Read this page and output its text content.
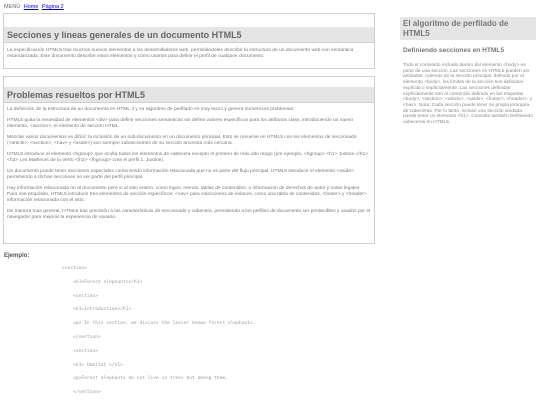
MENÚ Home Página 2
Secciones y líneas generales de un documento HTML5

La especificación HTML5 trae muchos nuevos elementos a los desarrolladores web, permitiéndoles describir la estructura de un documento web con semántica estandarizada. Este documento describe estos elementos y cómo usarlos para definir el perfil de cualquier documento.

Problemas resueltos por HTML5

La definición de la estructura de un documento en HTML 4 y su algoritmo de perfilado es muy tosco y genera numerosos problemas:

HTML5 quita la necesidad de elementos <div> para definir secciones semánticas sin definir valores específicos para los atributos class, introduciendo un nuevo elemento, <section>, el elemento de sección HTML.

Mezclar varios documentos es difícil: la inclusión de un sub-documento en un documento principal. Esto se resuelve en HTML5 con los elementos de seccionado (<article>, <section>, <nav> y <aside>) son siempre subsecciones de su sección ancestra más cercana.

HTML5 introduce el elemento <hgroup> que oculta todos los elementos de cabecera excepto el primero de más alto rango (por ejemplo, <hgroup> <h1> Justine </h1> <h2> Les Malheurs de la Vertu </h2> </hgroup> crea el perfil 1. Justine).

Un documento puede tener secciones especiales conteniendo información relacionada que no es parte del flujo principal. HTML5 introduce el elemento <aside> permitiendo a dichas secciones no ser parte del perfil principal.

Hay información relacionada no al documento pero si al sitio entero, como logos, menús, tablas de contenidos, o información de derechos de autor y notas legales. Para ese propósito, HTML5 introduce tres elementos de sección específicos: <nav> para colecciones de enlaces, como una tabla de contenidos, <footer> y <header> información relacionada con el sitio.

De manera más general, HTML5 trae precisión a las características de seccionado y cabecera, permitiendo a los perfiles de documento ser predecibles y usados por el navegador para mejorar la experiencia de usuario.

El algoritmo de perfilado de HTML5
Definiendo secciones en HTML5

Todo el contenido incluido dentro del elemento <body> es parte de una sección. Las secciones en HTML5 pueden ser anidadas. Además de la sección principal, definida por el elemento <body>, los límites de la sección son definidos explícita o implícitamente. Las secciones definidas explícitamente son el contenido definido en las etiquetas <body>, <section>, <article>, <aside>, <footer>, <header>, y <nav>. Nota: Cada sección puede tener su propia jerarquía de cabeceras. Por lo tanto, incluso una sección anidada puede tener un elemento <h1>. Consulte también Definiendo cabeceras en HTML5.

Ejemplo:
<section>
<h1>Forest elephants</h1>
<section>
<h1>Introduction</h1>
<p> In this section, we discuss the lesser known forest elephants.
</section>
<section>
<h1> Habitat </h1>
<p>Forest elephants do not live in trees but among them.
</section>
